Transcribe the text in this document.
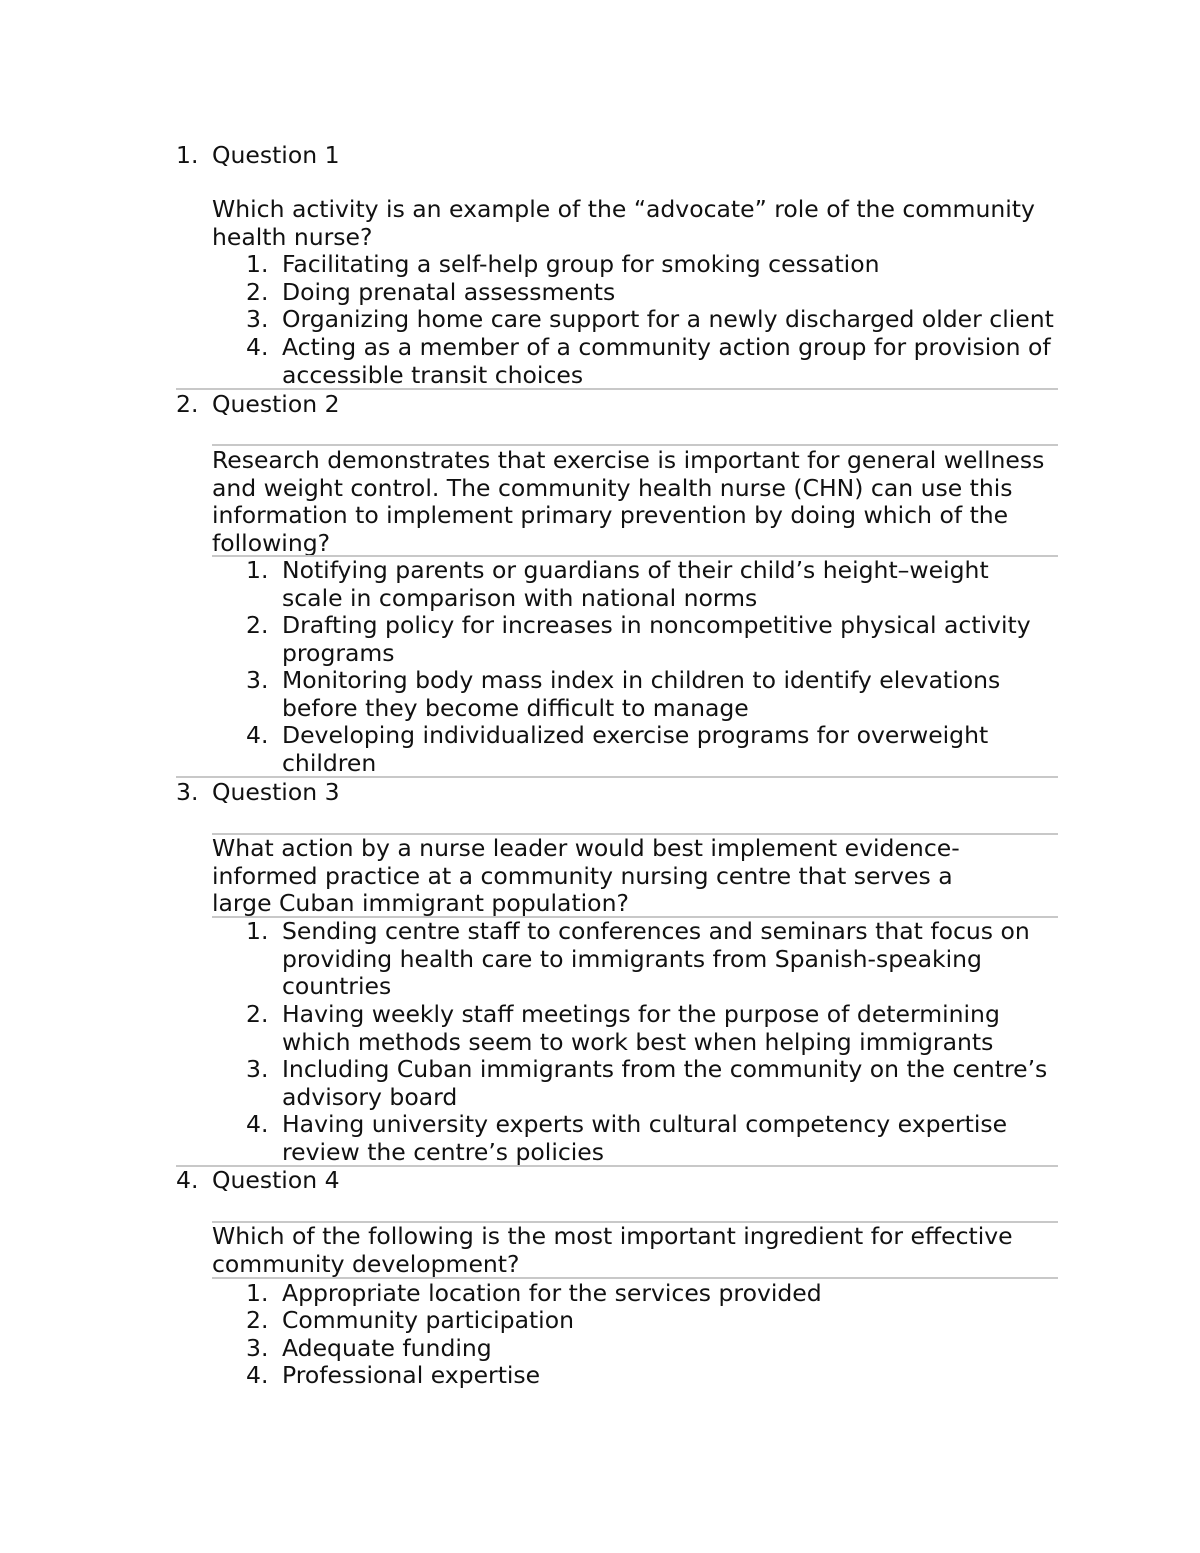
1. Question 1
Which activity is an example of the “advocate” role of the community health nurse?
1. Facilitating a self-help group for smoking cessation
2. Doing prenatal assessments
3. Organizing home care support for a newly discharged older client
4. Acting as a member of a community action group for provision of accessible transit choices
2. Question 2
Research demonstrates that exercise is important for general wellness and weight control. The community health nurse (CHN) can use this information to implement primary prevention by doing which of the following?
1. Notifying parents or guardians of their child’s height–weight scale in comparison with national norms
2. Drafting policy for increases in noncompetitive physical activity programs
3. Monitoring body mass index in children to identify elevations before they become difficult to manage
4. Developing individualized exercise programs for overweight children
3. Question 3
What action by a nurse leader would best implement evidence-informed practice at a community nursing centre that serves a large Cuban immigrant population?
1. Sending centre staff to conferences and seminars that focus on providing health care to immigrants from Spanish-speaking countries
2. Having weekly staff meetings for the purpose of determining which methods seem to work best when helping immigrants
3. Including Cuban immigrants from the community on the centre’s advisory board
4. Having university experts with cultural competency expertise review the centre’s policies
4. Question 4
Which of the following is the most important ingredient for effective community development?
1. Appropriate location for the services provided
2. Community participation
3. Adequate funding
4. Professional expertise
